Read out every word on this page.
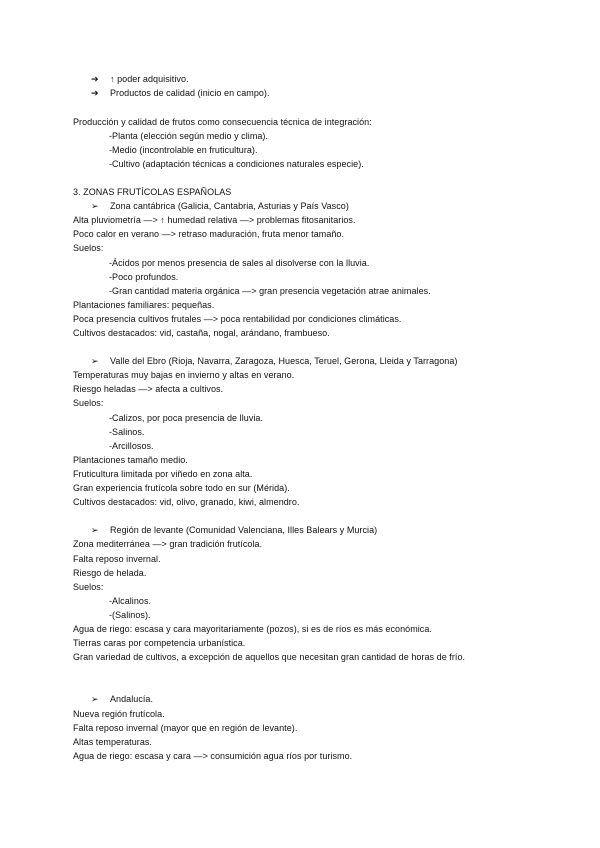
➔ ↑ poder adquisitivo.
➔ Productos de calidad (inicio en campo).
Producción y calidad de frutos como consecuencia técnica de integración:
-Planta (elección según medio y clima).
-Medio (incontrolable en fruticultura).
-Cultivo (adaptación técnicas a condiciones naturales especie).
3. ZONAS FRUTÍCOLAS ESPAÑOLAS
➢ Zona cantábrica (Galicia, Cantabria, Asturias y País Vasco)
Alta pluviometría —> ↑ humedad relativa —> problemas fitosanitarios.
Poco calor en verano —> retraso maduración, fruta menor tamaño.
Suelos:
-Ácidos por menos presencia de sales al disolverse con la lluvia.
-Poco profundos.
-Gran cantidad materia orgánica —> gran presencia vegetación atrae animales.
Plantaciones familiares: pequeñas.
Poca presencia cultivos frutales —> poca rentabilidad por condiciones climáticas.
Cultivos destacados: vid, castaña, nogal, arándano, frambueso.
➢ Valle del Ebro (Rioja, Navarra, Zaragoza, Huesca, Teruel, Gerona, Lleida y Tarragona)
Temperaturas muy bajas en invierno y altas en verano.
Riesgo heladas —> afecta a cultivos.
Suelos:
-Calizos, por poca presencia de lluvia.
-Salinos.
-Arcillosos.
Plantaciones tamaño medio.
Fruticultura limitada por viñedo en zona alta.
Gran experiencia frutícola sobre todo en sur (Mérida).
Cultivos destacados: vid, olivo, granado, kiwi, almendro.
➢ Región de levante (Comunidad Valenciana, Illes Balears y Murcia)
Zona mediterránea —> gran tradición frutícola.
Falta reposo invernal.
Riesgo de helada.
Suelos:
-Alcalinos.
-(Salinos).
Agua de riego: escasa y cara mayoritariamente (pozos), si es de ríos es más económica.
Tierras caras por competencia urbanística.
Gran variedad de cultivos, a excepción de aquellos que necesitan gran cantidad de horas de frío.
➢ Andalucía.
Nueva región frutícola.
Falta reposo invernal (mayor que en región de levante).
Altas temperaturas.
Agua de riego: escasa y cara —> consumición agua ríos por turismo.
